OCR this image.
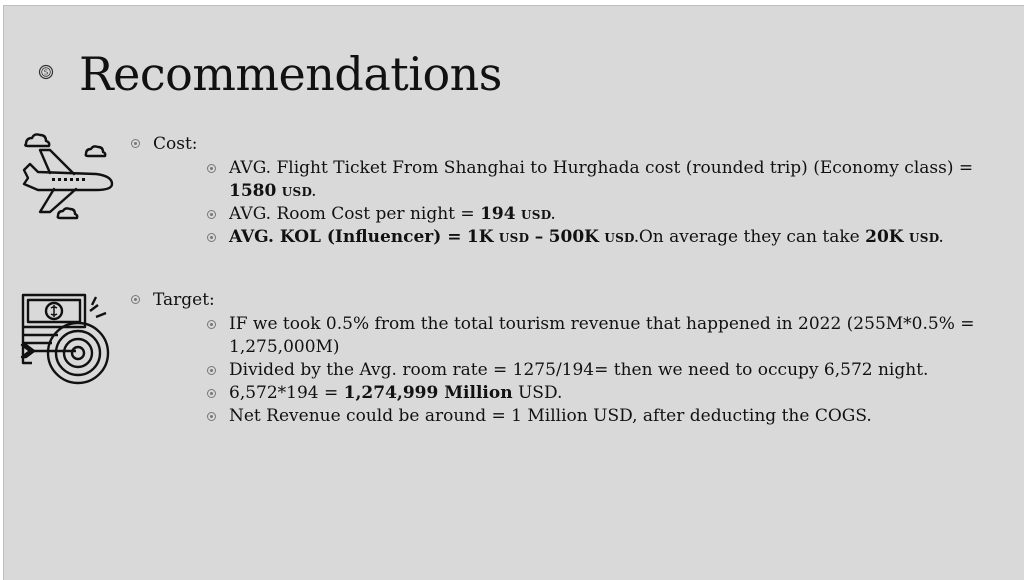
S Recommendations
Cost:
AVG. Flight Ticket From Shanghai to Hurghada cost (rounded trip) (Economy class) =
1580 USD.
AVG. Room Cost per night = 194 USD.
AVG. KOL (Influencer) = 1K USD – 500K USD.On average they can take 20K USD.
Target:
IF we took 0.5% from the total tourism revenue that happened in 2022 (255M*0.5% = 1,275,000M)
Divided by the Avg. room rate = 1275/194= then we need to occupy 6,572 night.
6,572*194 = 1,274,999 Million USD.
Net Revenue could be around = 1 Million USD, after deducting the COGS.
